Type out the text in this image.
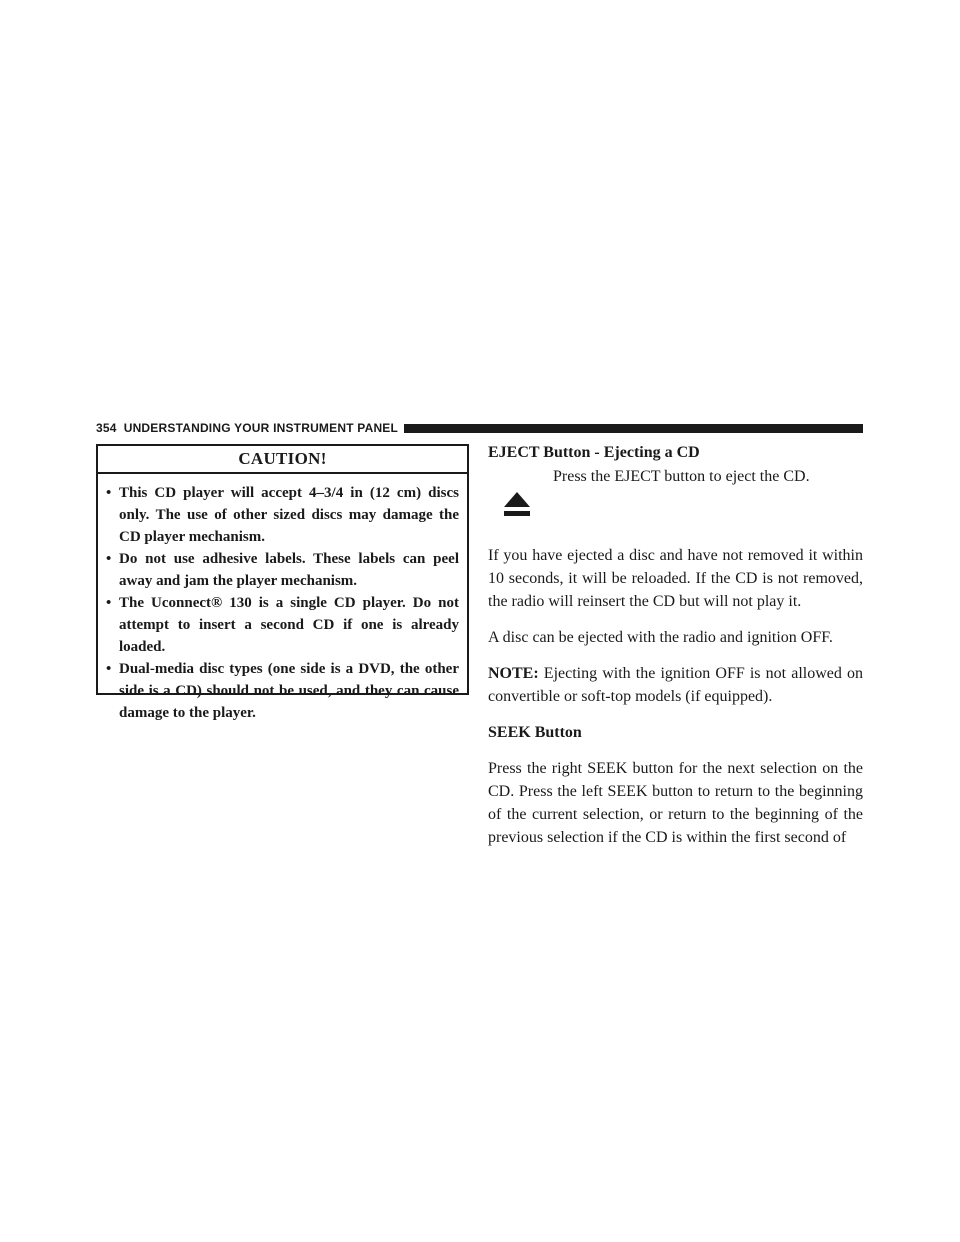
354 UNDERSTANDING YOUR INSTRUMENT PANEL
CAUTION!
• This CD player will accept 4–3/4 in (12 cm) discs only. The use of other sized discs may damage the CD player mechanism.
• Do not use adhesive labels. These labels can peel away and jam the player mechanism.
• The Uconnect® 130 is a single CD player. Do not attempt to insert a second CD if one is already loaded.
• Dual-media disc types (one side is a DVD, the other side is a CD) should not be used, and they can cause damage to the player.

EJECT Button - Ejecting a CD

Press the EJECT button to eject the CD.

If you have ejected a disc and have not removed it within 10 seconds, it will be reloaded. If the CD is not removed, the radio will reinsert the CD but will not play it.

A disc can be ejected with the radio and ignition OFF.

NOTE: Ejecting with the ignition OFF is not allowed on convertible or soft-top models (if equipped).

SEEK Button

Press the right SEEK button for the next selection on the CD. Press the left SEEK button to return to the beginning of the current selection, or return to the beginning of the previous selection if the CD is within the first second of
